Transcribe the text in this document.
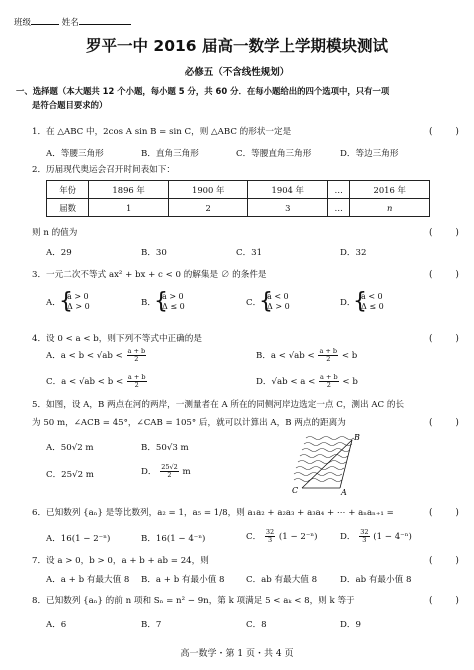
班级	姓名
罗平一中 2016 届高一数学上学期模块测试
必修五（不含线性规划）
一、选择题（本大题共 12 个小题，每小题 5 分，共 60 分．在每小题给出的四个选项中，只有一项
是符合题目要求的）
1．在 △ABC 中，2cos A sin B = sin C，则 △ABC 的形状一定是	(        )
A．等腰三角形	B．直角三角形	C．等腰直角三角形	D．等边三角形
2．历届现代奥运会召开时间表如下：
年份	1896 年	1900 年	1904 年	…	2016 年
届数	1	2	3	…	n
则 n 的值为	(        )
A．29	B．30	C．31	D．32
3．一元二次不等式 ax² + bx + c < 0 的解集是 ∅ 的条件是	(        )
A．
{
a > 0
Δ > 0	B．
{
a > 0
Δ ≤ 0	C．
{
a < 0
Δ > 0	D．
{
a < 0
Δ ≤ 0
4．设 0 < a < b，则下列不等式中正确的是	(        )
A．$a < b < √ab < \frac{a + b}{2}$	B．$a < √ab < \frac{a + b}{2} < b$
C．$a < √ab < b < \frac{a + b}{2}$	D．$√ab < a < \frac{a + b}{2} < b$
5．如图，设 A，B 两点在河的两岸，一测量者在 A 所在的同侧河岸边选定一点 C，测出 AC 的长
为 50 m，∠ACB = 45°，∠CAB = 105° 后，就可以计算出 A，B 两点的距离为	(        )
A．50√2 m	B．50√3 m
C．25√2 m	D． $\frac{25√2}{2}$ m
B
C	A
6．已知数列 {aₙ} 是等比数列，a₂ = 1，a₅ = 1/8，则 a₁a₂ + a₂a₃ + a₃a₄ + ⋯ + aₙaₙ₊₁ =	(        )
A．16(1 − 2⁻ⁿ)	B．16(1 − 4⁻ⁿ)	C． $\frac{32}{3} (1 - 2^{-n})$	D． $\frac{32}{3} (1 - 4^{-n})$
7．设 a > 0，b > 0，a + b + ab = 24，则	(        )
A．a + b 有最大值 8 B．a + b 有最小值 8 C．ab 有最大值 8	D．ab 有最小值 8
8．已知数列 {aₙ} 的前 n 项和 Sₙ = n² − 9n，第 k 项满足 5 < aₖ < 8，则 k 等于	(        )
A．6	B．7	C．8	D．9
高一数学・第 1 页・共 4 页
